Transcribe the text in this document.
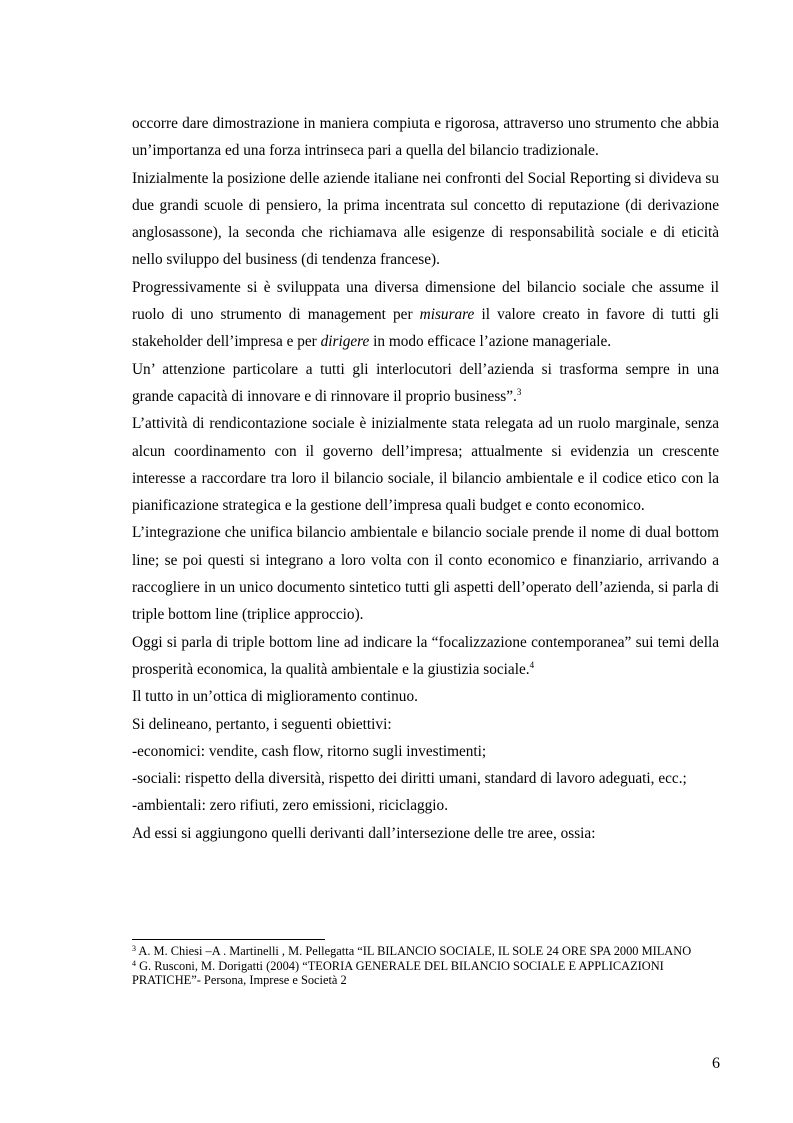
occorre dare dimostrazione in maniera compiuta e rigorosa, attraverso uno strumento che abbia un’importanza ed una forza intrinseca pari a quella del bilancio tradizionale.

Inizialmente la posizione delle aziende italiane nei confronti del Social Reporting si divideva su due grandi scuole di pensiero, la prima incentrata sul concetto di reputazione (di derivazione anglosassone), la seconda che richiamava alle esigenze di responsabilità sociale e di eticità nello sviluppo del business (di tendenza francese).

Progressivamente si è sviluppata una diversa dimensione del bilancio sociale che assume il ruolo di uno strumento di management per misurare il valore creato in favore di tutti gli stakeholder dell’impresa e per dirigere in modo efficace l’azione manageriale.

Un’ attenzione particolare a tutti gli interlocutori dell’azienda si trasforma sempre in una grande capacità di innovare e di rinnovare il proprio business”.$^3$

L’attività di rendicontazione sociale è inizialmente stata relegata ad un ruolo marginale, senza alcun coordinamento con il governo dell’impresa; attualmente si evidenzia un crescente interesse a raccordare tra loro il bilancio sociale, il bilancio ambientale e il codice etico con la pianificazione strategica e la gestione dell’impresa quali budget e conto economico.

L’integrazione che unifica bilancio ambientale e bilancio sociale prende il nome di dual bottom line; se poi questi si integrano a loro volta con il conto economico e finanziario, arrivando a raccogliere in un unico documento sintetico tutti gli aspetti dell’operato dell’azienda, si parla di triple bottom line (triplice approccio).

Oggi si parla di triple bottom line ad indicare la “focalizzazione contemporanea” sui temi della prosperità economica, la qualità ambientale e la giustizia sociale.$^4$

Il tutto in un’ottica di miglioramento continuo.

Si delineano, pertanto, i seguenti obiettivi:

-economici: vendite, cash flow, ritorno sugli investimenti;

-sociali: rispetto della diversità, rispetto dei diritti umani, standard di lavoro adeguati, ecc.;

-ambientali: zero rifiuti, zero emissioni, riciclaggio.

Ad essi si aggiungono quelli derivanti dall’intersezione delle tre aree, ossia:

$^3$ A. M. Chiesi –A . Martinelli , M. Pellegatta “IL BILANCIO SOCIALE, IL SOLE 24 ORE SPA 2000 MILANO

$^4$ G. Rusconi, M. Dorigatti (2004) “TEORIA GENERALE DEL BILANCIO SOCIALE E APPLICAZIONI PRATICHE”- Persona, Imprese e Società 2

6
